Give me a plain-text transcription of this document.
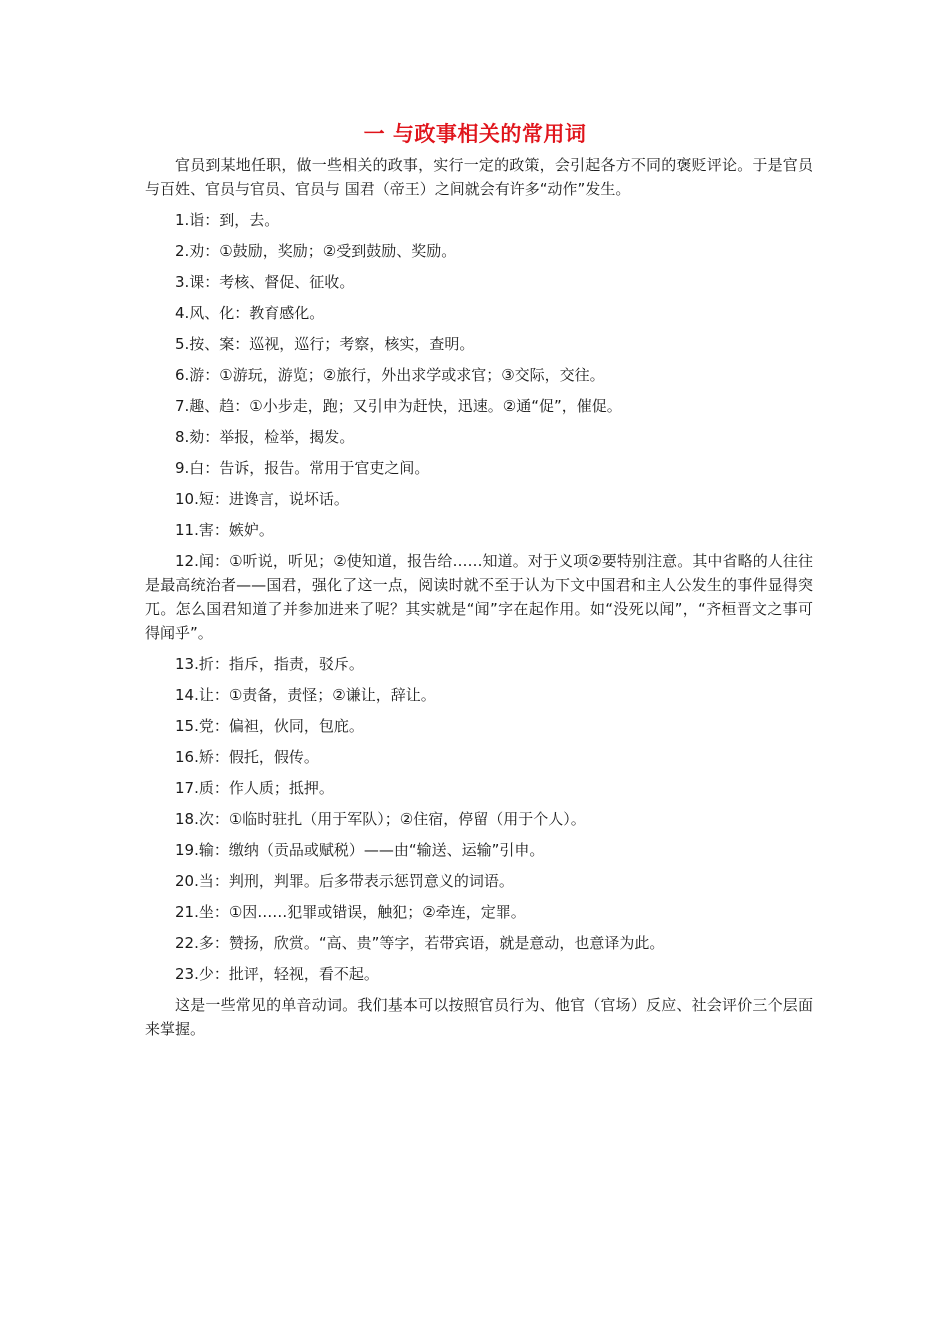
一 与政事相关的常用词

官员到某地任职，做一些相关的政事，实行一定的政策，会引起各方不同的褒贬评论。于是官员与百姓、官员与官员、官员与 国君（帝王）之间就会有许多“动作”发生。

1.诣：到，去。
2.劝：①鼓励，奖励；②受到鼓励、奖励。
3.课：考核、督促、征收。
4.风、化：教育感化。
5.按、案：巡视，巡行；考察，核实，查明。
6.游：①游玩，游览；②旅行，外出求学或求官；③交际，交往。
7.趣、趋：①小步走，跑；又引申为赶快，迅速。②通“促”，催促。
8.劾：举报，检举，揭发。
9.白：告诉，报告。常用于官吏之间。
10.短：进谗言，说坏话。
11.害：嫉妒。

12.闻：①听说，听见；②使知道，报告给……知道。对于义项②要特别注意。其中省略的人往往是最高统治者——国君，强化了这一点，阅读时就不至于认为下文中国君和主人公发生的事件显得突兀。怎么国君知道了并参加进来了呢？其实就是“闻”字在起作用。如“没死以闻”，“齐桓晋文之事可得闻乎”。

13.折：指斥，指责，驳斥。
14.让：①责备，责怪；②谦让，辞让。
15.党：偏袒，伙同，包庇。
16.矫：假托，假传。
17.质：作人质；抵押。
18.次：①临时驻扎（用于军队）；②住宿，停留（用于个人）。
19.输：缴纳（贡品或赋税）——由“输送、运输”引申。
20.当：判刑，判罪。后多带表示惩罚意义的词语。
21.坐：①因……犯罪或错误，触犯；②牵连，定罪。
22.多：赞扬，欣赏。“高、贵”等字，若带宾语，就是意动，也意译为此。
23.少：批评，轻视，看不起。

这是一些常见的单音动词。我们基本可以按照官员行为、他官（官场）反应、社会评价三个层面来掌握。
